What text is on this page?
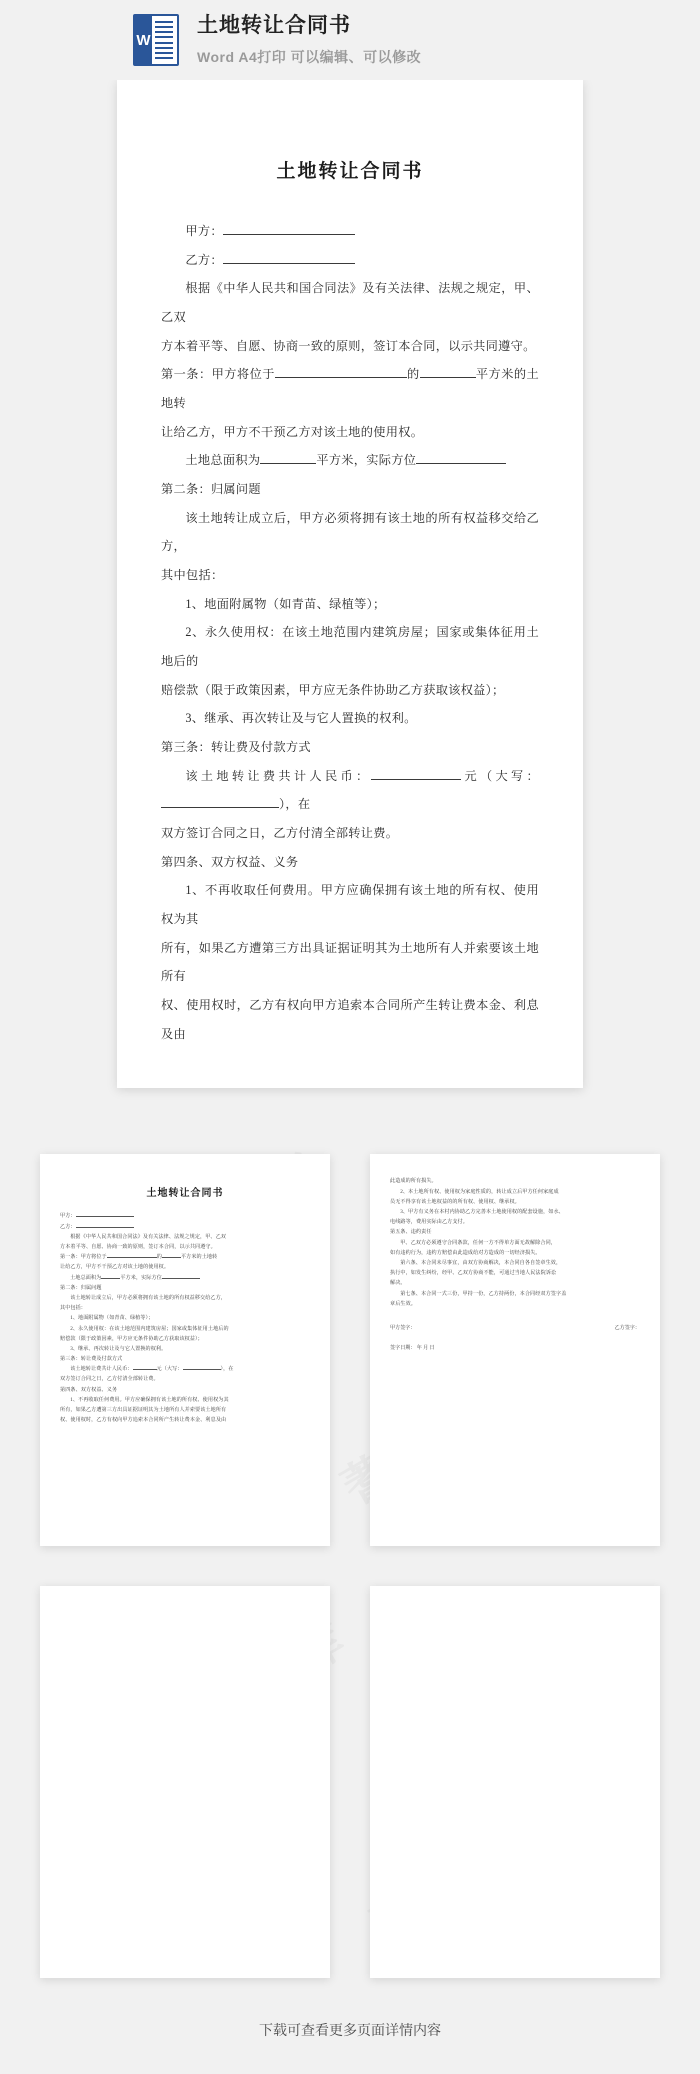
W
土地转让合同书
Word A4打印 可以编辑、可以修改
土地转让合同书

甲方：

乙方：

根据《中华人民共和国合同法》及有关法律、法规之规定，甲、乙双

方本着平等、自愿、协商一致的原则，签订本合同，以示共同遵守。

第一条：甲方将位于	的	平方米的土地转

让给乙方，甲方不干预乙方对该土地的使用权。

土地总面积为	平方米，实际方位

第二条：归属问题

该土地转让成立后，甲方必须将拥有该土地的所有权益移交给乙方，

其中包括：

1、地面附属物（如青苗、绿植等）；

2、永久使用权：在该土地范围内建筑房屋；国家或集体征用土地后的

赔偿款（限于政策因素，甲方应无条件协助乙方获取该权益）；

3、继承、再次转让及与它人置换的权利。

第三条：转让费及付款方式

该土地转让费共计人民币：	元（大写：），在

双方签订合同之日，乙方付清全部转让费。

第四条、双方权益、义务

1、不再收取任何费用。甲方应确保拥有该土地的所有权、使用权为其

所有，如果乙方遭第三方出具证据证明其为土地所有人并索要该土地所有

权、使用权时，乙方有权向甲方追索本合同所产生转让费本金、利息及由

土地转让合同书

甲方：

乙方：

根据《中华人民共和国合同法》及有关法律、法规之规定，甲、乙双

方本着平等、自愿、协商一致的原则，签订本合同，以示共同遵守。

第一条：甲方将位于	的	平方米的土地转

让给乙方，甲方不干预乙方对该土地的使用权。

土地总面积为	平方米，实际方位

第二条：归属问题

该土地转让成立后，甲方必须将拥有该土地的所有权益移交给乙方，

其中包括：

1、地面附属物（如青苗、绿植等）；

2、永久使用权：在该土地范围内建筑房屋；国家或集体征用土地后的

赔偿款（限于政策因素，甲方应无条件协助乙方获取该权益）；

3、继承、再次转让及与它人置换的权利。

第三条：转让费及付款方式

该土地转让费共计人民币：	元（大写：	），在

双方签订合同之日，乙方付清全部转让费。

第四条、双方权益、义务

1、不再收取任何费用。甲方应确保拥有该土地的所有权、使用权为其

所有，如果乙方遭第三方出具证据证明其为土地所有人并索要该土地所有

权、使用权时，乙方有权向甲方追索本合同所产生转让费本金、利息及由

此造成的所有损失。

2、本土地所有权、使用权为家庭性质的，转让成立后甲方任何家庭成

员无不得享有该土地权益的的所有权、使用权、继承权。

3、甲方有义务在本村内协助乙方完善本土地使用权的配套设施，如水、

电线路等，费用实际由乙方支付。

第五条、违约责任

甲、乙双方必须遵守合同条款，任何一方不得单方面无故解除合同，

如有违约行为，违约方赔偿由此造成给对方造成的一切经济损失。

第六条、本合同未尽事宜，由双方协商解决，本合同自各自签章生效，

执行中，如发生纠纷，经甲、乙双方协商不能，可通过当地人民法院诉讼

解决。

第七条、本合同一式三份，甲持一份，乙方持两份，本合同经双方签字盖

章后生效。

甲方签字：	乙方签字：
签字日期： 年 月 日
下载可查看更多页面详情内容
